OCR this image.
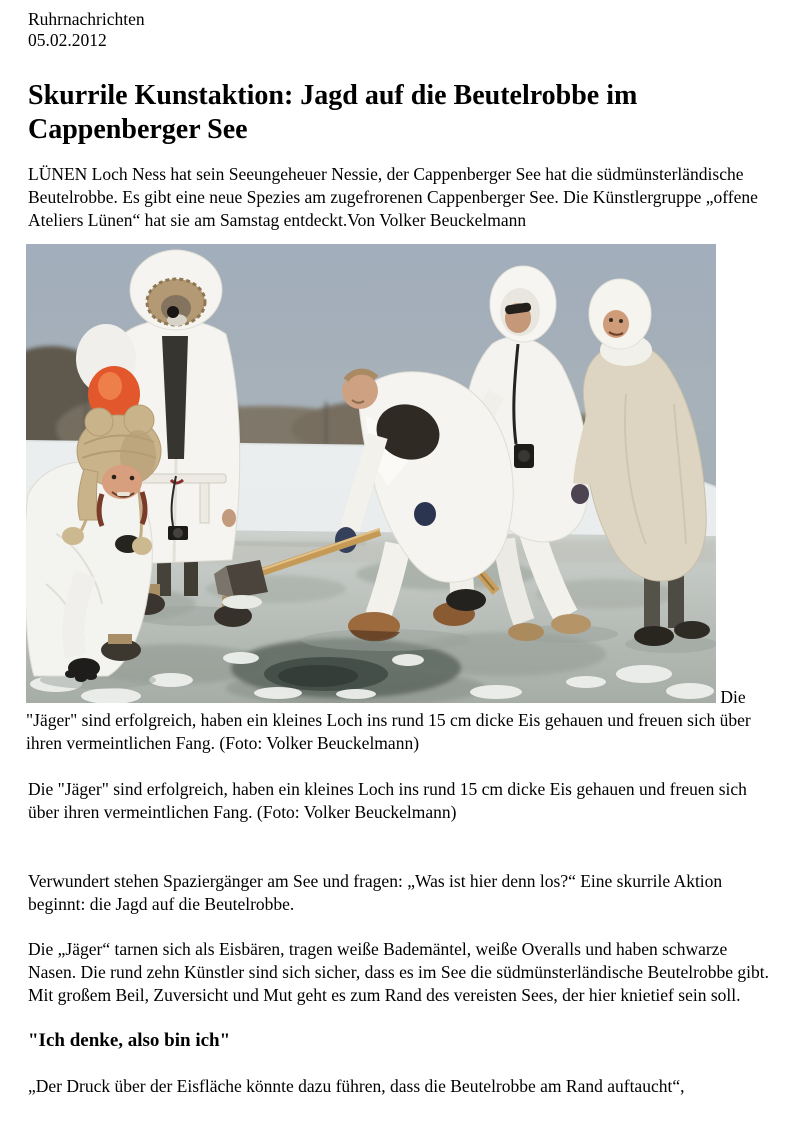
Ruhrnachrichten
05.02.2012
Skurrile Kunstaktion: Jagd auf die Beutelrobbe im Cappenberger See

LÜNEN Loch Ness hat sein Seeungeheuer Nessie, der Cappenberger See hat die südmünsterländische Beutelrobbe. Es gibt eine neue Spezies am zugefrorenen Cappenberger See. Die Künstlergruppe „offene Ateliers Lünen“ hat sie am Samstag entdeckt.Von Volker Beuckelmann

Die "Jäger" sind erfolgreich, haben ein kleines Loch ins rund 15 cm dicke Eis gehauen und freuen sich über ihren vermeintlichen Fang. (Foto: Volker Beuckelmann)

Die "Jäger" sind erfolgreich, haben ein kleines Loch ins rund 15 cm dicke Eis gehauen und freuen sich über ihren vermeintlichen Fang. (Foto: Volker Beuckelmann)

Verwundert stehen Spaziergänger am See und fragen: „Was ist hier denn los?“ Eine skurrile Aktion beginnt: die Jagd auf die Beutelrobbe.

Die „Jäger“ tarnen sich als Eisbären, tragen weiße Bademäntel, weiße Overalls und haben schwarze Nasen. Die rund zehn Künstler sind sich sicher, dass es im See die südmünsterländische Beutelrobbe gibt. Mit großem Beil, Zuversicht und Mut geht es zum Rand des vereisten Sees, der hier knietief sein soll.

"Ich denke, also bin ich"

„Der Druck über der Eisfläche könnte dazu führen, dass die Beutelrobbe am Rand auftaucht“,
